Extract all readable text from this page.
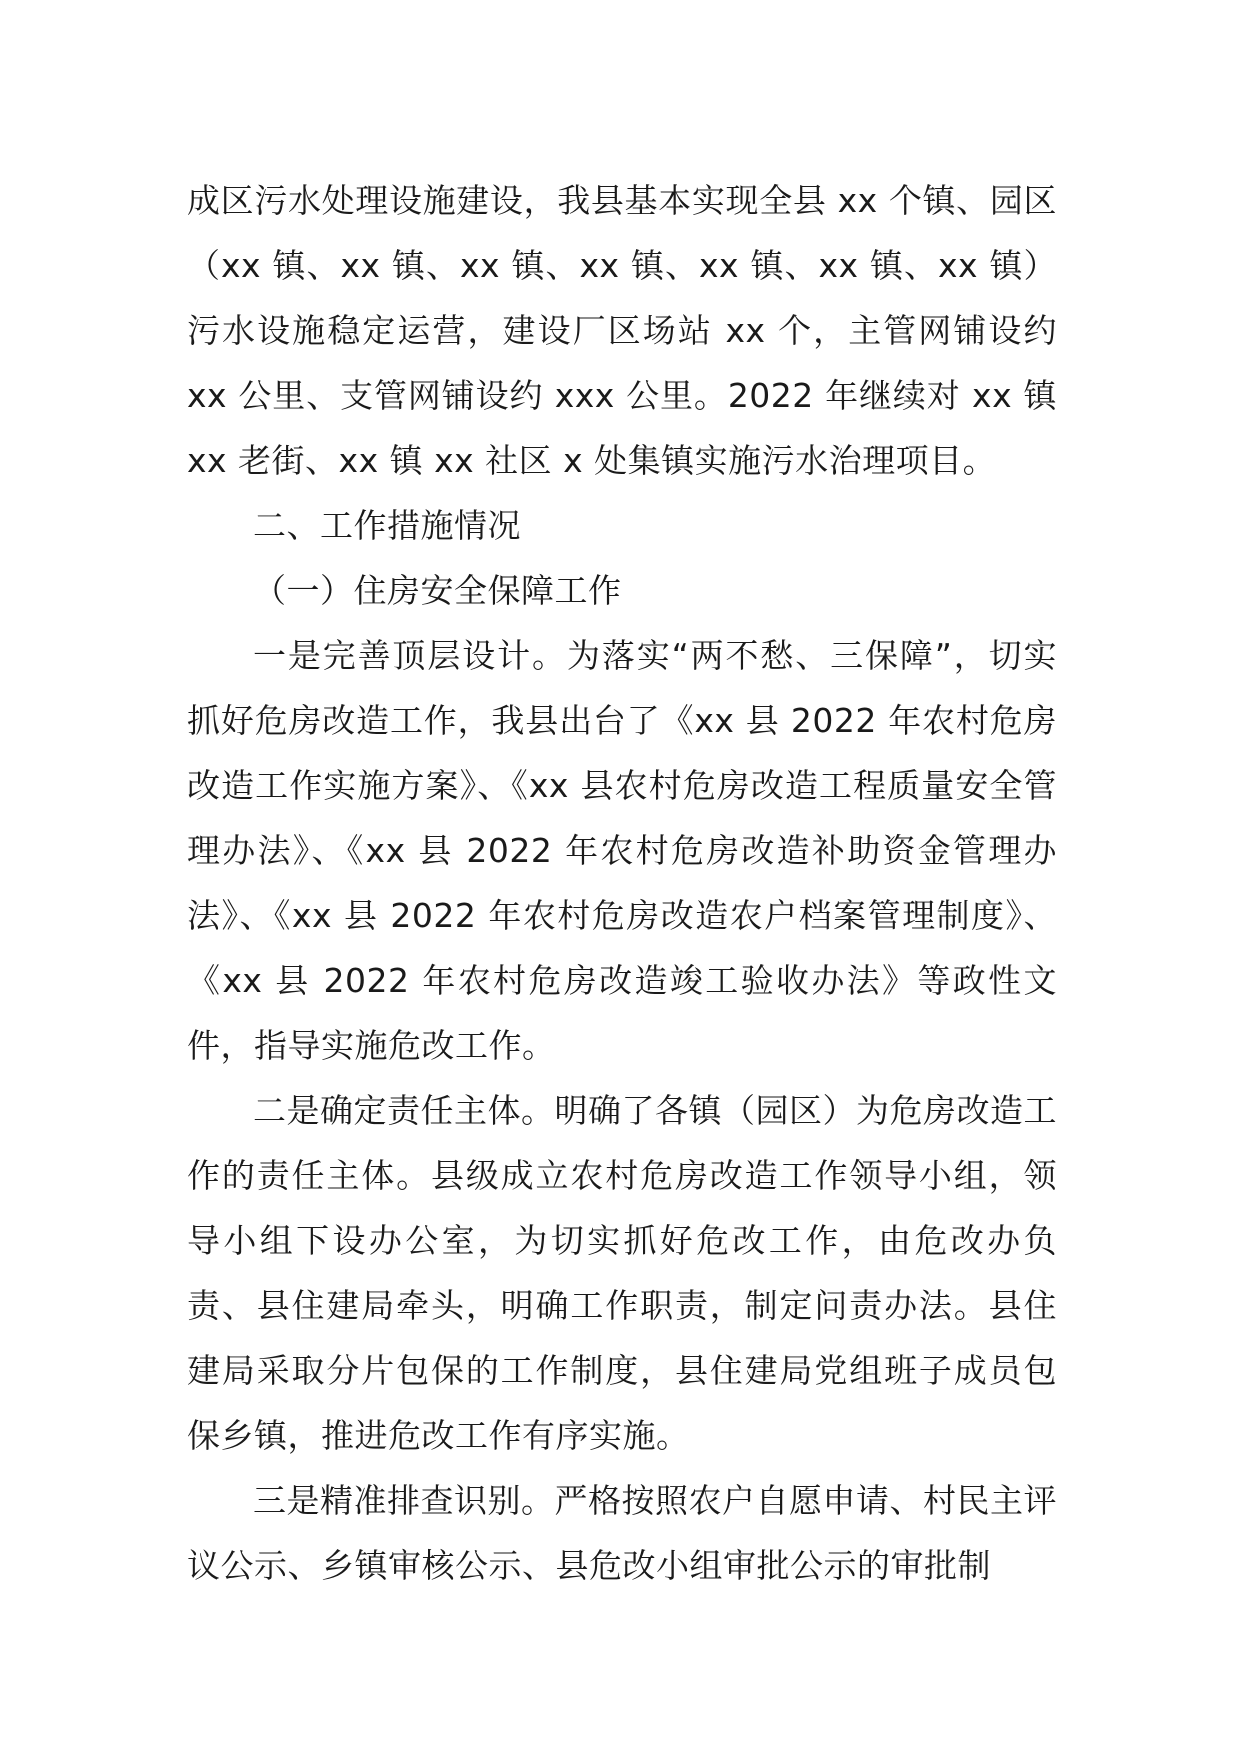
成区污水处理设施建设，我县基本实现全县 xx 个镇、园区（xx 镇、xx 镇、xx 镇、xx 镇、xx 镇、xx 镇、xx 镇）污水设施稳定运营，建设厂区场站 xx 个，主管网铺设约 xx 公里、支管网铺设约 xxx 公里。2022 年继续对 xx 镇 xx 老街、xx 镇 xx 社区 x 处集镇实施污水治理项目。

二、工作措施情况

（一）住房安全保障工作

一是完善顶层设计。为落实“两不愁、三保障”，切实抓好危房改造工作，我县出台了《xx 县 2022 年农村危房改造工作实施方案》、《xx 县农村危房改造工程质量安全管理办法》、《xx 县 2022 年农村危房改造补助资金管理办法》、《xx 县 2022 年农村危房改造农户档案管理制度》、《xx 县 2022 年农村危房改造竣工验收办法》等政性文件，指导实施危改工作。

二是确定责任主体。明确了各镇（园区）为危房改造工作的责任主体。县级成立农村危房改造工作领导小组，领导小组下设办公室，为切实抓好危改工作，由危改办负责、县住建局牵头，明确工作职责，制定问责办法。县住建局采取分片包保的工作制度，县住建局党组班子成员包保乡镇，推进危改工作有序实施。

三是精准排查识别。严格按照农户自愿申请、村民主评议公示、乡镇审核公示、县危改小组审批公示的审批制
